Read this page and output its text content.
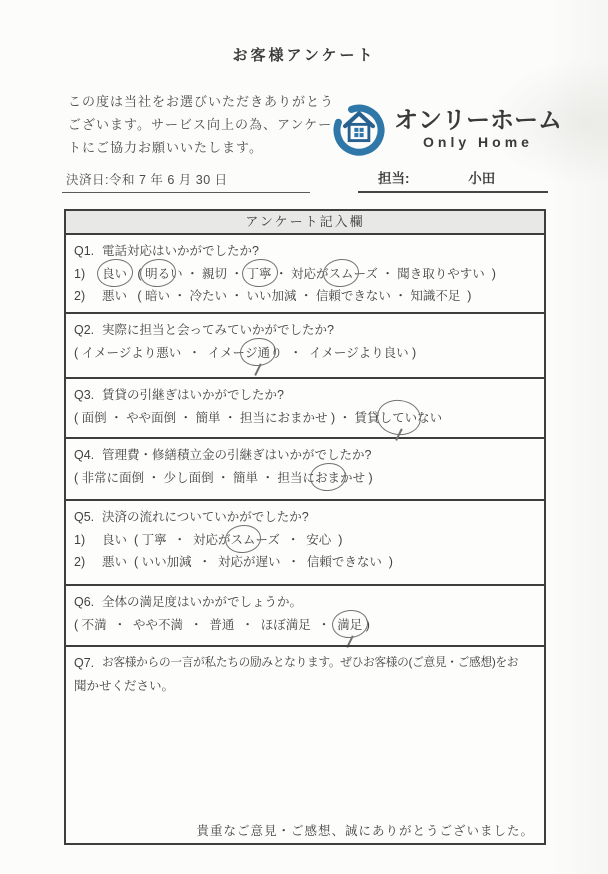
お客様アンケート
この度は当社をお選びいただきありがとう
ございます。サービス向上の為、アンケー
トにご協力お願いいたします。
オンリーホーム
Only Home
決済日:令和 7 年 6 月 30 日	担当:	小田
アンケート記入欄
Q1. 電話対応はいかがでしたか?
1)	良い   ( 明るい ・ 親切 ・ 丁寧 ・ 対応がスムーズ ・ 聞き取りやすい  )
2)	悪い   ( 暗い ・ 冷たい ・ いい加減 ・ 信頼できない ・ 知識不足  )
Q2. 実際に担当と会ってみていかがでしたか?
( イメージより悪い  ・  イメージ通り  ・  イメージより良い )
Q3. 賃貸の引継ぎはいかがでしたか?
( 面倒 ・ やや面倒 ・ 簡単 ・ 担当におまかせ ) ・ 賃貸していない
Q4. 管理費・修繕積立金の引継ぎはいかがでしたか?
( 非常に面倒 ・ 少し面倒 ・ 簡単 ・ 担当におまかせ )
Q5. 決済の流れについていかがでしたか?
1)	良い  ( 丁寧  ・  対応がスムーズ  ・  安心  )
2)	悪い  ( いい加減  ・  対応が遅い  ・  信頼できない  )
Q6. 全体の満足度はいかがでしょうか。
( 不満  ・  やや不満  ・  普通  ・  ほぼ満足  ・  満足 )
Q7. お客様からの一言が私たちの励みとなります。ぜひお客様の(ご意見・ご感想)をお
聞かせください。
貴重なご意見・ご感想、誠にありがとうございました。
